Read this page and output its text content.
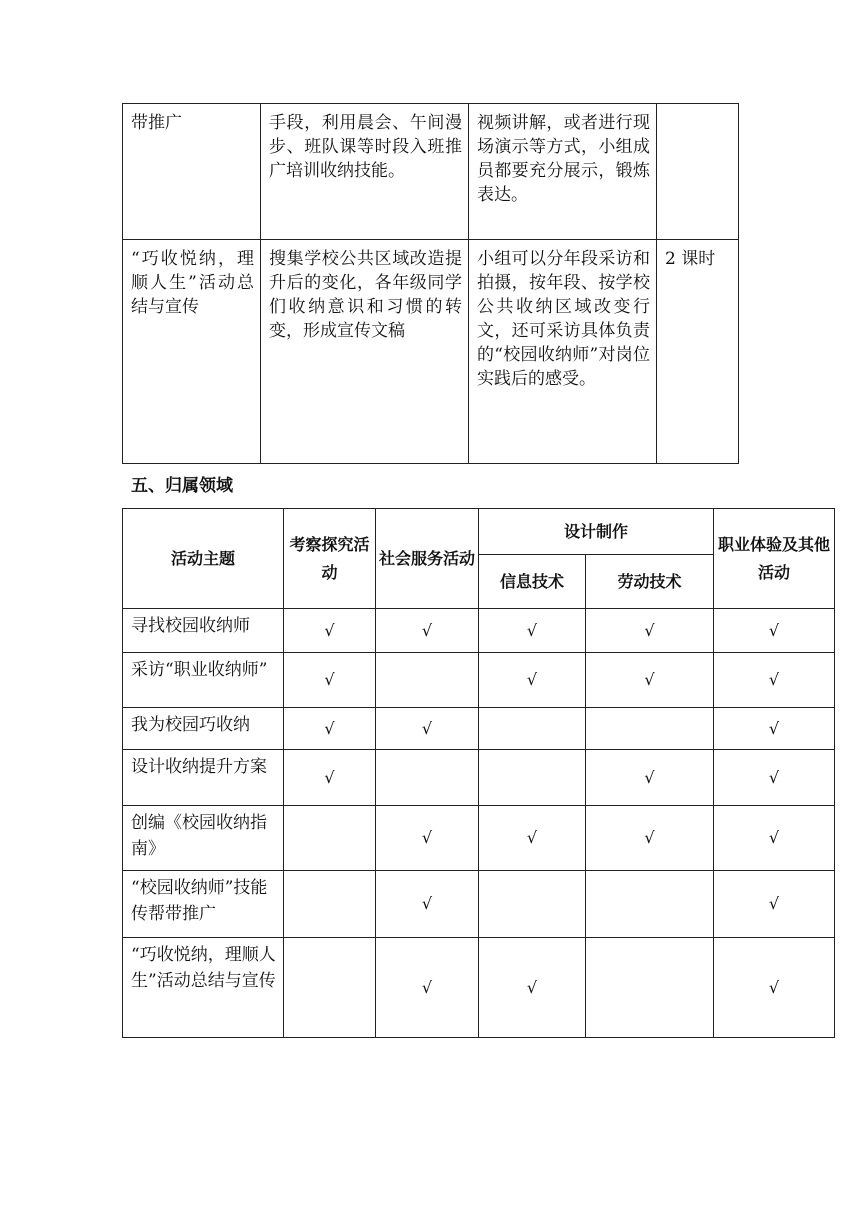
带推广	手段，利用晨会、午间漫步、班队课等时段入班推广培训收纳技能。	视频讲解，或者进行现场演示等方式，小组成员都要充分展示，锻炼表达。	
“巧收悦纳，理顺人生”活动总结与宣传	搜集学校公共区域改造提升后的变化，各年级同学们收纳意识和习惯的转变，形成宣传文稿	小组可以分年段采访和拍摄，按年段、按学校公共收纳区域改变行文，还可采访具体负责的“校园收纳师”对岗位实践后的感受。	2 课时
五、归属领域
活动主题	考察探究活动	社会服务活动	设计制作		职业体验及其他活动
			信息技术	劳动技术	
寻找校园收纳师	√	√	√	√	√
采访“职业收纳师”	√		√	√	√
我为校园巧收纳	√	√			√
设计收纳提升方案	√			√	√
创编《校园收纳指南》		√	√	√	√
“校园收纳师”技能传帮带推广		√			√
“巧收悦纳，理顺人生”活动总结与宣传		√	√		√
